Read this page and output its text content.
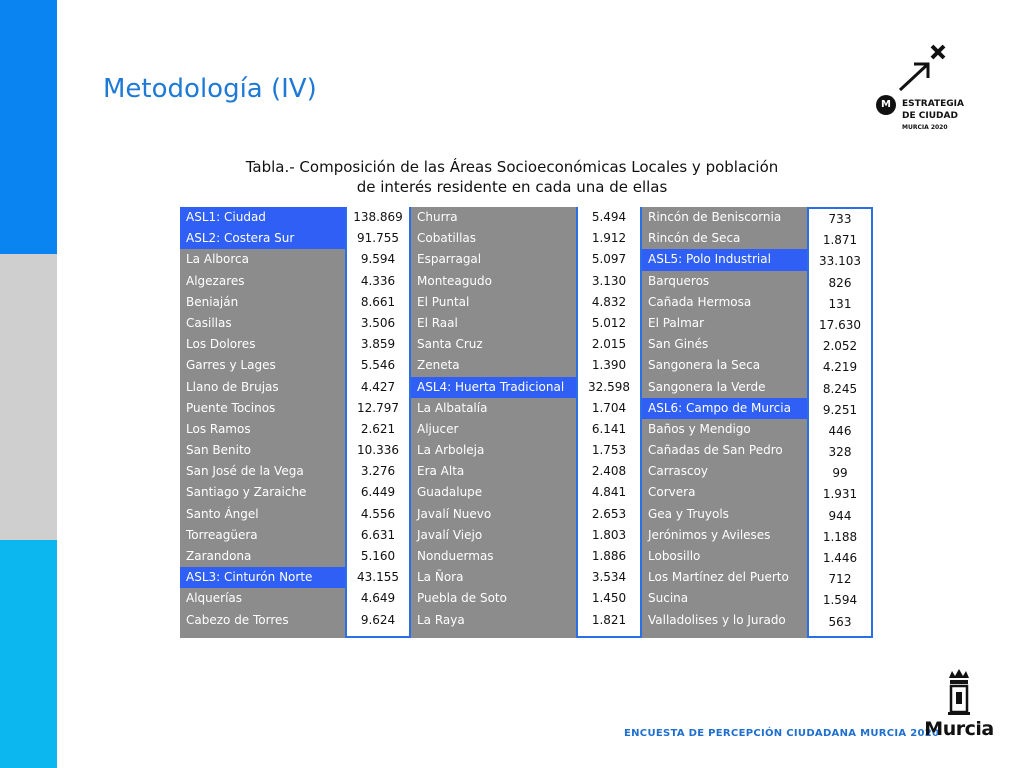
Metodología (IV)
M	ESTRATEGIA
DE CIUDAD
MURCIA 2020
Tabla.- Composición de las Áreas Socioeconómicas Locales y población
de interés residente en cada una de ellas
ASL1: Ciudad
ASL2: Costera Sur
La Alborca
Algezares
Beniaján
Casillas
Los Dolores
Garres y Lages
Llano de Brujas
Puente Tocinos
Los Ramos
San Benito
San José de la Vega
Santiago y Zaraiche
Santo Ángel
Torreagüera
Zarandona
ASL3: Cinturón Norte
Alquerías
Cabezo de Torres
138.869
91.755
9.594
4.336
8.661
3.506
3.859
5.546
4.427
12.797
2.621
10.336
3.276
6.449
4.556
6.631
5.160
43.155
4.649
9.624
Churra
Cobatillas
Esparragal
Monteagudo
El Puntal
El Raal
Santa Cruz
Zeneta
ASL4: Huerta Tradicional
La Albatalía
Aljucer
La Arboleja
Era Alta
Guadalupe
Javalí Nuevo
Javalí Viejo
Nonduermas
La Ñora
Puebla de Soto
La Raya
5.494
1.912
5.097
3.130
4.832
5.012
2.015
1.390
32.598
1.704
6.141
1.753
2.408
4.841
2.653
1.803
1.886
3.534
1.450
1.821
Rincón de Beniscornia
Rincón de Seca
ASL5: Polo Industrial
Barqueros
Cañada Hermosa
El Palmar
San Ginés
Sangonera la Seca
Sangonera la Verde
ASL6: Campo de Murcia
Baños y Mendigo
Cañadas de San Pedro
Carrascoy
Corvera
Gea y Truyols
Jerónimos y Avileses
Lobosillo
Los Martínez del Puerto
Sucina
Valladolises y lo Jurado
733
1.871
33.103
826
131
17.630
2.052
4.219
8.245
9.251
446
328
99
1.931
944
1.188
1.446
712
1.594
563
ENCUESTA DE PERCEPCIÓN CIUDADANA MURCIA 2020
Murcia
